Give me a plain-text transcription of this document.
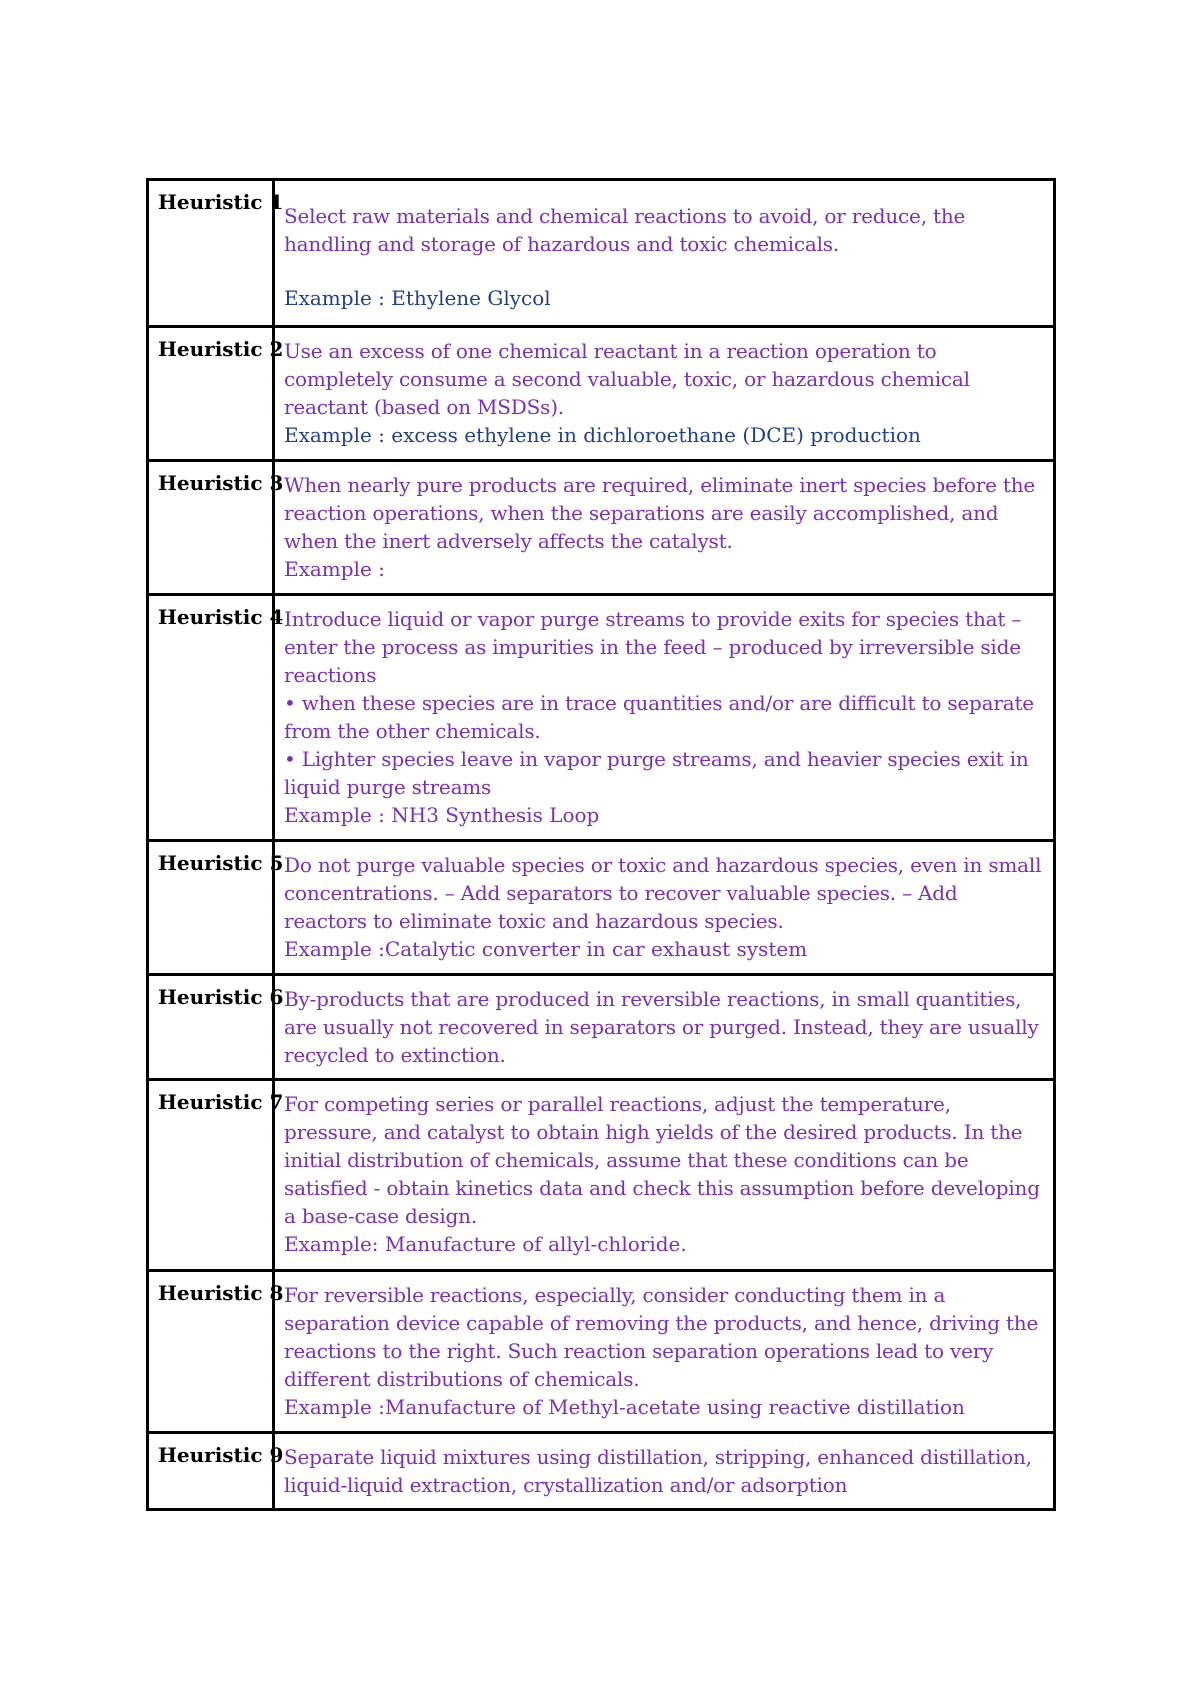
Heuristic 1	Select raw materials and chemical reactions to avoid, or reduce, the handling and storage of hazardous and toxic chemicals.
Example : Ethylene Glycol

Heuristic 2	Use an excess of one chemical reactant in a reaction operation to completely consume a second valuable, toxic, or hazardous chemical reactant (based on MSDSs).
Example : excess ethylene in dichloroethane (DCE) production

Heuristic 3	When nearly pure products are required, eliminate inert species before the reaction operations, when the separations are easily accomplished, and when the inert adversely affects the catalyst.
Example :

Heuristic 4	Introduce liquid or vapor purge streams to provide exits for species that – enter the process as impurities in the feed – produced by irreversible side reactions
• when these species are in trace quantities and/or are difficult to separate from the other chemicals.
• Lighter species leave in vapor purge streams, and heavier species exit in liquid purge streams
Example : NH3 Synthesis Loop

Heuristic 5	Do not purge valuable species or toxic and hazardous species, even in small concentrations. – Add separators to recover valuable species. – Add reactors to eliminate toxic and hazardous species.
Example :Catalytic converter in car exhaust system

Heuristic 6	By-products that are produced in reversible reactions, in small quantities, are usually not recovered in separators or purged. Instead, they are usually recycled to extinction.

Heuristic 7	For competing series or parallel reactions, adjust the temperature, pressure, and catalyst to obtain high yields of the desired products. In the initial distribution of chemicals, assume that these conditions can be satisfied - obtain kinetics data and check this assumption before developing a base-case design.
Example: Manufacture of allyl-chloride.

Heuristic 8	For reversible reactions, especially, consider conducting them in a separation device capable of removing the products, and hence, driving the reactions to the right. Such reaction separation operations lead to very different distributions of chemicals.
Example :Manufacture of Methyl-acetate using reactive distillation

Heuristic 9	Separate liquid mixtures using distillation, stripping, enhanced distillation, liquid-liquid extraction, crystallization and/or adsorption
